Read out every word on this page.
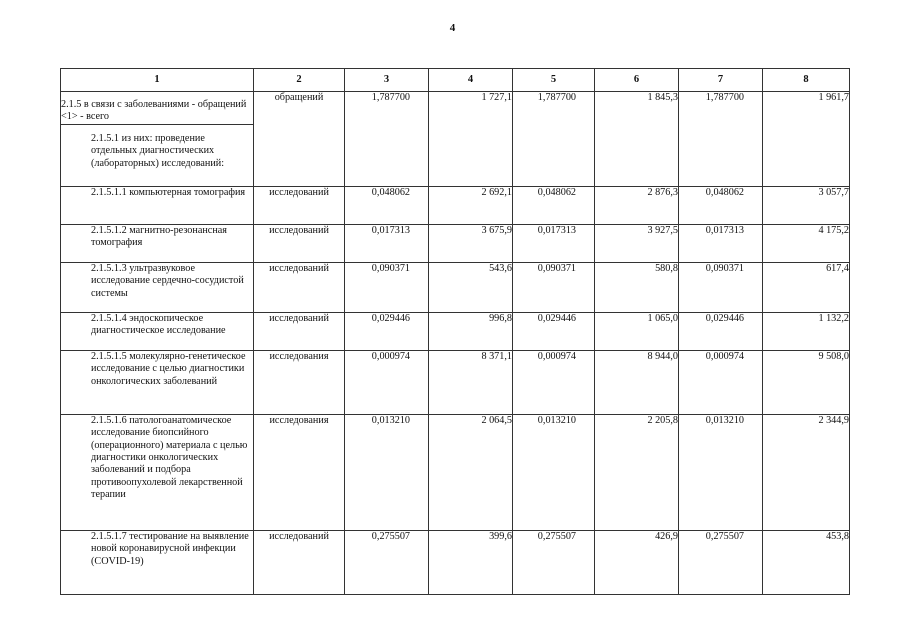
4
1	2	3	4	5	6	7	8
2.1.5 в связи с заболеваниями - обращений <1> - всего	обращений	1,787700	1 727,1	1,787700	1 845,3	1,787700	1 961,7
2.1.5.1 из них: проведение отдельных диагностических (лабораторных) исследований:							
2.1.5.1.1 компьютерная томография	исследований	0,048062	2 692,1	0,048062	2 876,3	0,048062	3 057,7
2.1.5.1.2 магнитно-резонансная томография	исследований	0,017313	3 675,9	0,017313	3 927,5	0,017313	4 175,2
2.1.5.1.3 ультразвуковое исследование сердечно-сосудистой системы	исследований	0,090371	543,6	0,090371	580,8	0,090371	617,4
2.1.5.1.4 эндоскопическое диагностическое исследование	исследований	0,029446	996,8	0,029446	1 065,0	0,029446	1 132,2
2.1.5.1.5 молекулярно-генетическое исследование с целью диагностики онкологических заболеваний	исследования	0,000974	8 371,1	0,000974	8 944,0	0,000974	9 508,0
2.1.5.1.6 патологоанатомическое исследование биопсийного (операционного) материала с целью диагностики онкологических заболеваний и подбора противоопухолевой лекарственной терапии	исследования	0,013210	2 064,5	0,013210	2 205,8	0,013210	2 344,9
2.1.5.1.7 тестирование на выявление новой коронавирусной инфекции (COVID-19)	исследований	0,275507	399,6	0,275507	426,9	0,275507	453,8
